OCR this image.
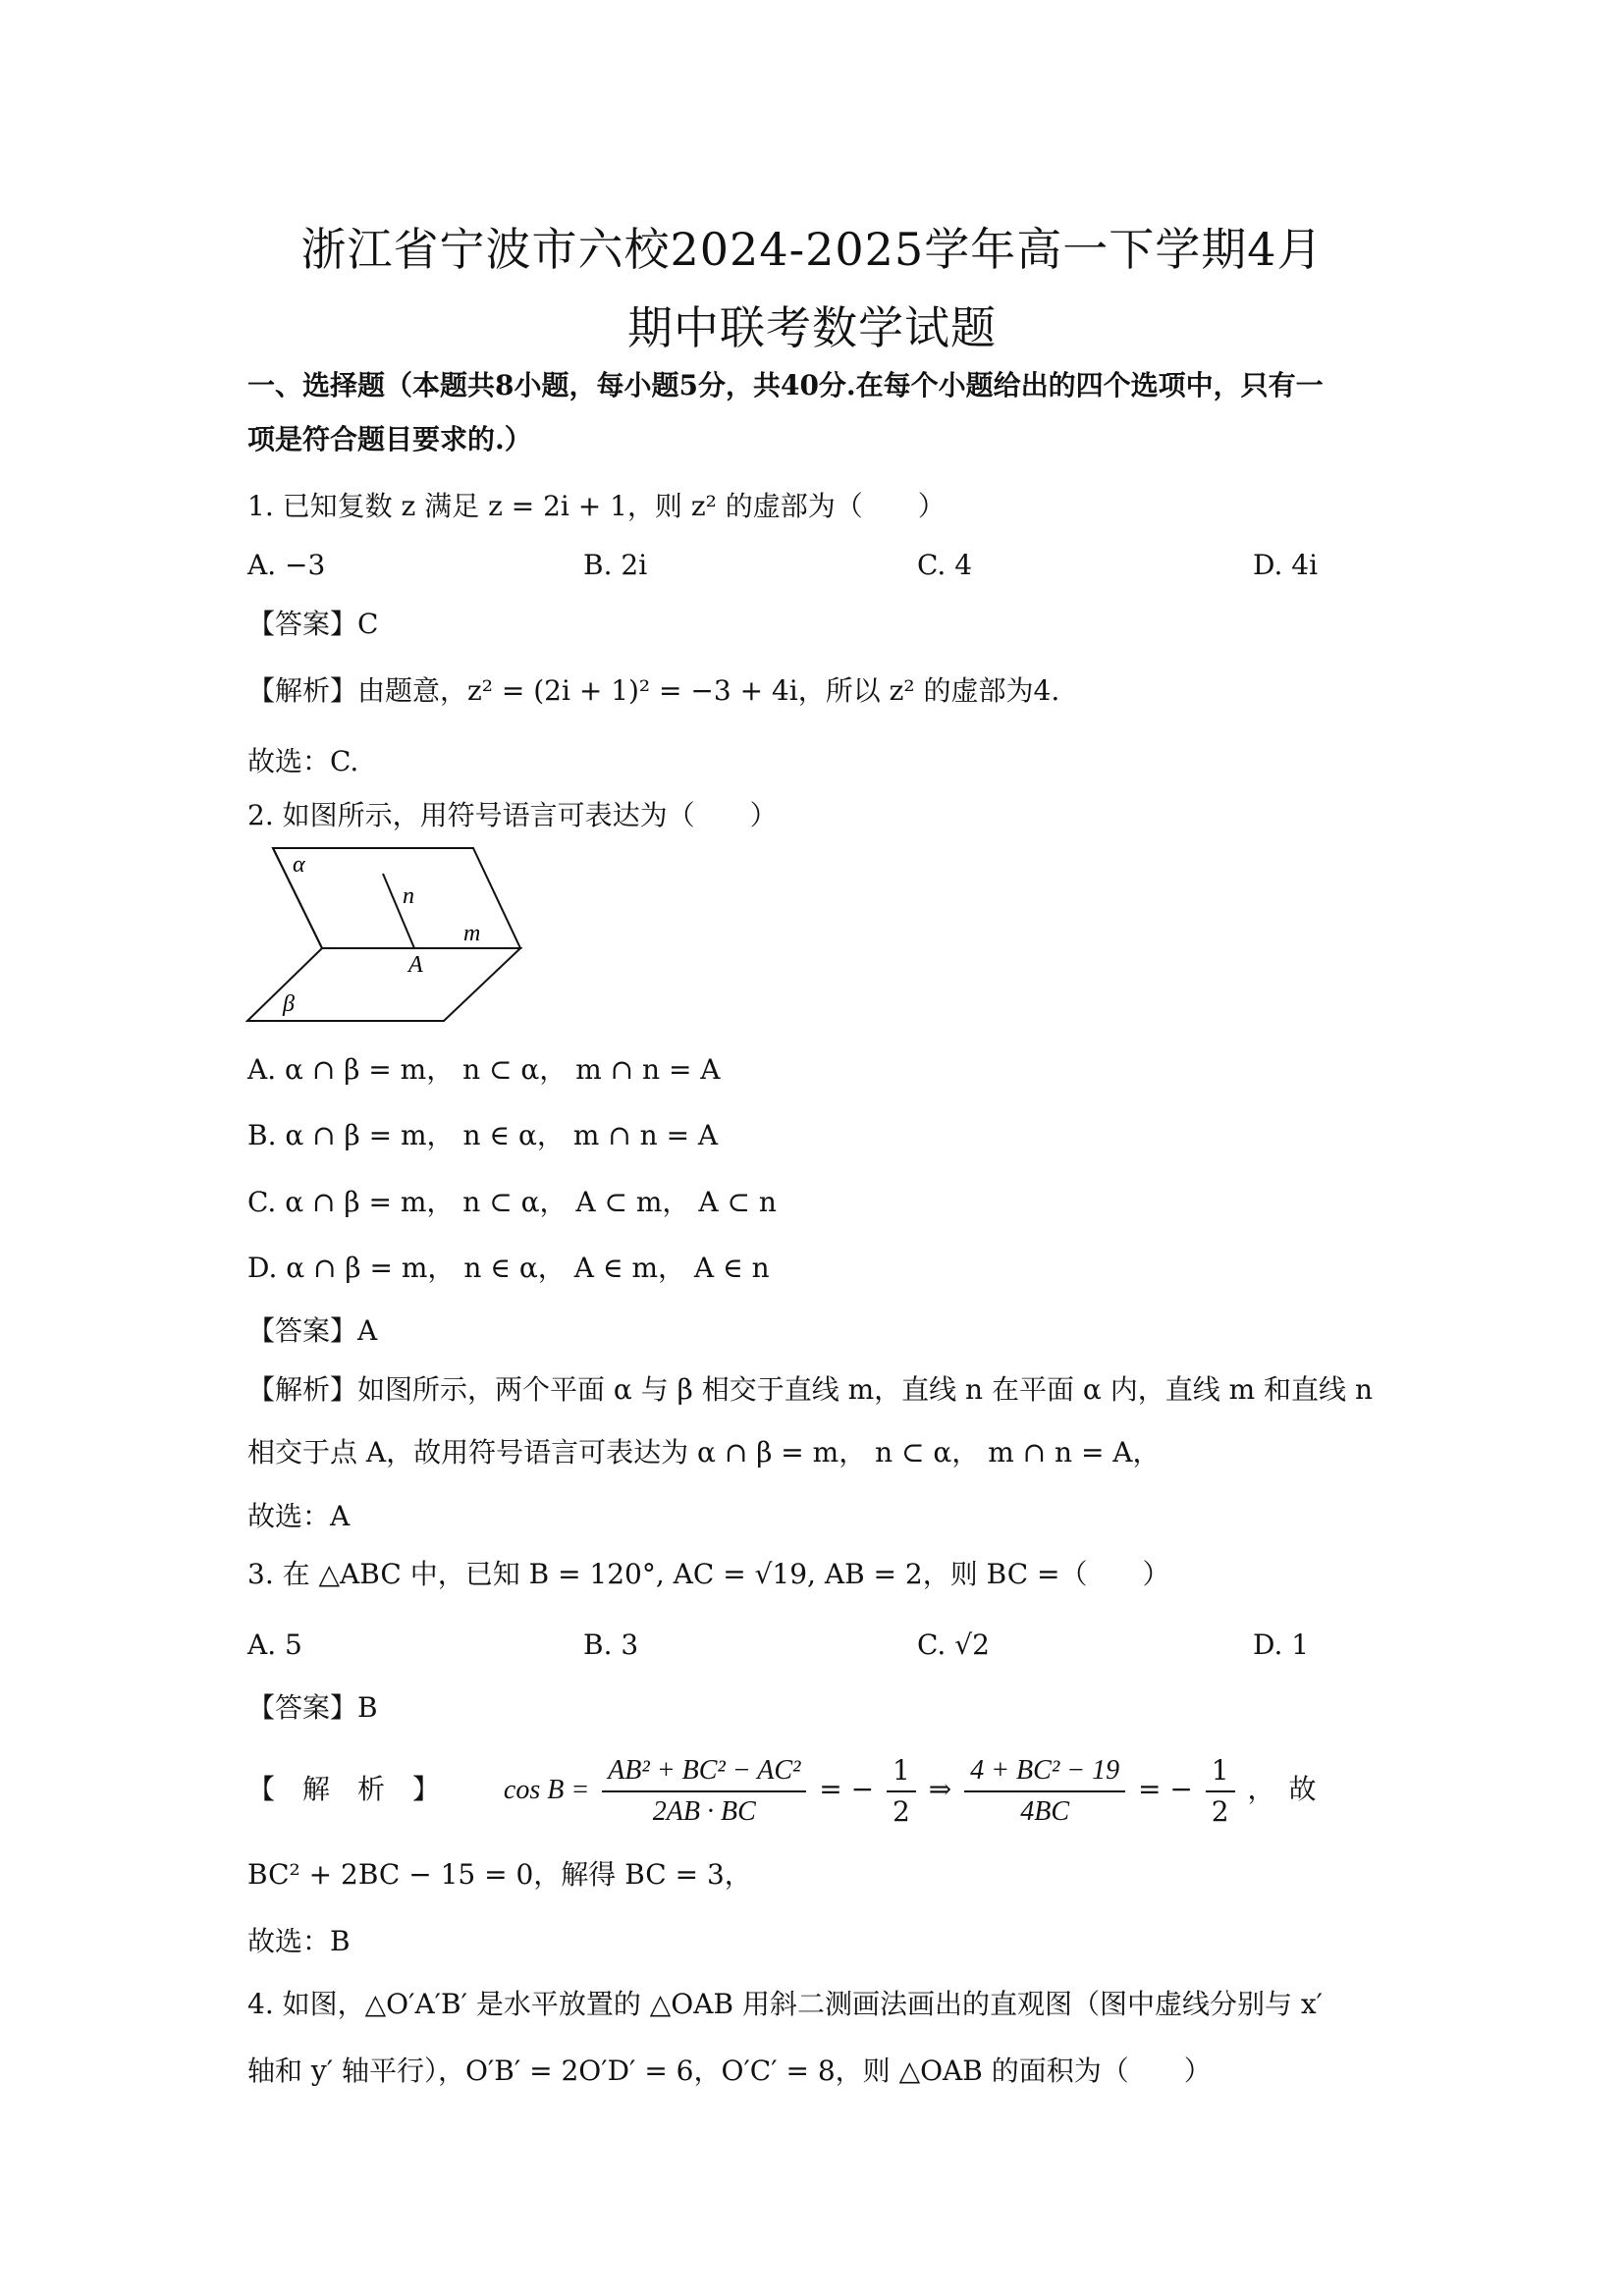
浙江省宁波市六校2024-2025学年高一下学期4月
期中联考数学试题
一、选择题（本题共8小题，每小题5分，共40分.在每个小题给出的四个选项中，只有一
项是符合题目要求的.）
1. 已知复数 z 满足 z = 2i + 1，则 z² 的虚部为（　　）
A. −3	B. 2i	C. 4	D. 4i
【答案】C
【解析】由题意，z² = (2i + 1)² = −3 + 4i，所以 z² 的虚部为4.
故选：C.
2. 如图所示，用符号语言可表达为（　　）
α
n
m
A
β
A. α ∩ β = m， n ⊂ α， m ∩ n = A
B. α ∩ β = m， n ∈ α， m ∩ n = A
C. α ∩ β = m， n ⊂ α， A ⊂ m， A ⊂ n
D. α ∩ β = m， n ∈ α， A ∈ m， A ∈ n
【答案】A
【解析】如图所示，两个平面 α 与 β 相交于直线 m，直线 n 在平面 α 内，直线 m 和直线 n
相交于点 A，故用符号语言可表达为 α ∩ β = m， n ⊂ α， m ∩ n = A，
故选：A
3. 在 △ABC 中，已知 B = 120°, AC = √19, AB = 2，则 BC =（　　）
A. 5	B. 3	C. √2	D. 1
【答案】B
【　解　析　】 $\cos B = \frac{\text{AB² + BC² − AC²}}{2AB \cdot BC}$ = − $\frac{1}{2}$ ⇒ $\frac{\text{4 + BC² − 19}}{4BC}$ = − $\frac{1}{2}$ ，　故
BC² + 2BC − 15 = 0，解得 BC = 3，
故选：B
4. 如图，△O′A′B′ 是水平放置的 △OAB 用斜二测画法画出的直观图（图中虚线分别与 x′
轴和 y′ 轴平行），O′B′ = 2O′D′ = 6，O′C′ = 8，则 △OAB 的面积为（　　）
